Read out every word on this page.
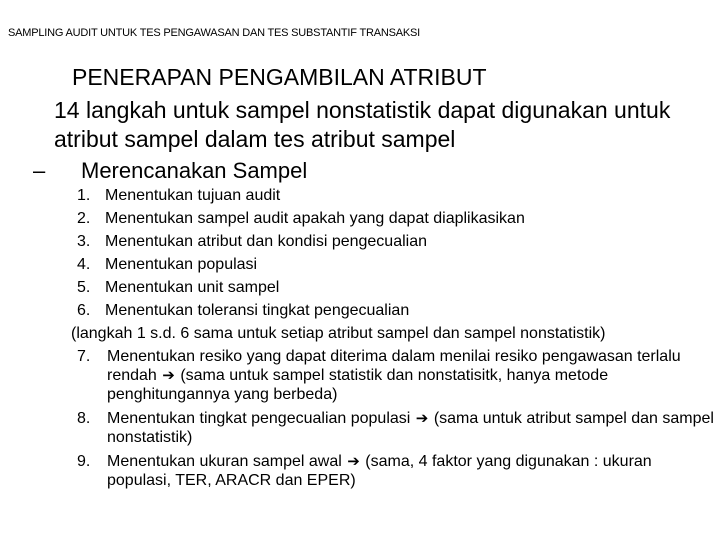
SAMPLING AUDIT UNTUK TES PENGAWASAN DAN TES SUBSTANTIF TRANSAKSI
PENERAPAN PENGAMBILAN ATRIBUT
14 langkah untuk sampel nonstatistik dapat digunakan untuk atribut sampel dalam tes atribut sampel
– Merencanakan Sampel
1. Menentukan tujuan audit
2. Menentukan sampel audit apakah yang dapat diaplikasikan
3. Menentukan atribut dan kondisi pengecualian
4. Menentukan populasi
5. Menentukan unit sampel
6. Menentukan toleransi tingkat pengecualian
(langkah 1 s.d. 6 sama untuk setiap atribut sampel dan sampel nonstatistik)
7.	Menentukan resiko yang dapat diterima dalam menilai resiko pengawasan terlalu rendah ➔ (sama untuk sampel statistik dan nonstatisitk, hanya metode penghitungannya yang berbeda)
8.	Menentukan tingkat pengecualian populasi ➔ (sama untuk atribut sampel dan sampel nonstatistik)
9.	Menentukan ukuran sampel awal ➔ (sama, 4 faktor yang digunakan : ukuran populasi, TER, ARACR dan EPER)
